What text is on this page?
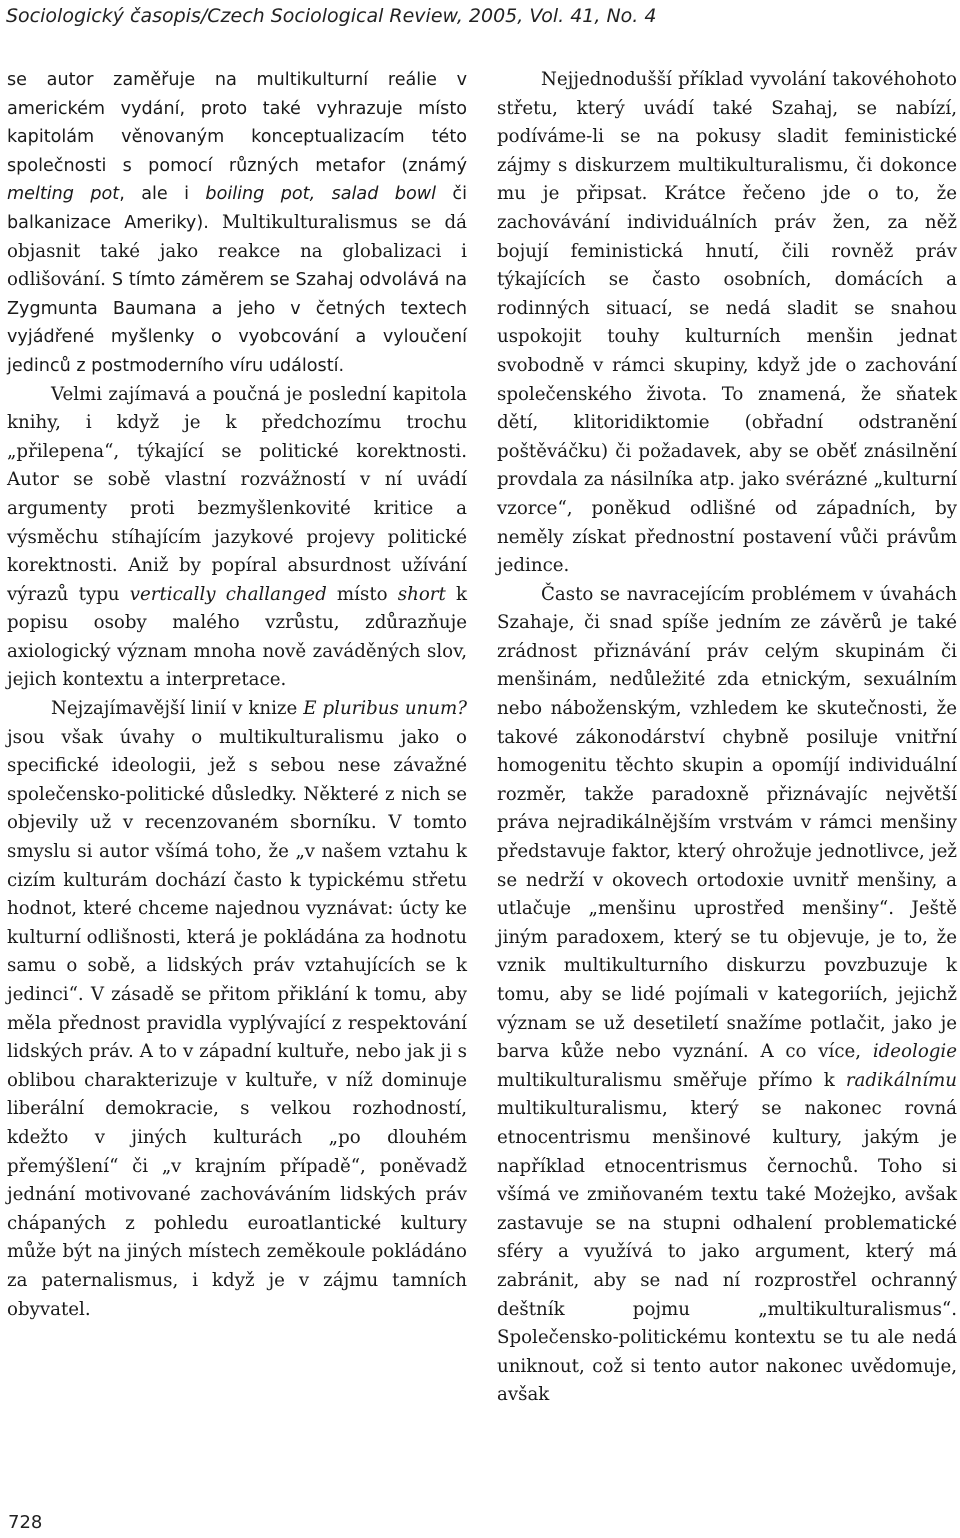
Sociologický časopis/Czech Sociological Review, 2005, Vol. 41, No. 4

se autor zaměřuje na multikulturní reálie v americkém vydání, proto také vyhrazuje místo kapitolám věnovaným konceptualizacím této společnosti s pomocí různých metafor (známý melting pot, ale i boiling pot, salad bowl či balkanizace Ameriky). Multikulturalismus se dá objasnit také jako reakce na globalizaci i odlišování. S tímto záměrem se Szahaj odvolává na Zygmunta Baumana a jeho v četných textech vyjádřené myšlenky o vyobcování a vyloučení jedinců z postmoderního víru událostí.

Velmi zajímavá a poučná je poslední kapitola knihy, i když je k předchozímu trochu „přilepena“, týkající se politické korektnosti. Autor se sobě vlastní rozvážností v ní uvádí argumenty proti bezmyšlenkovité kritice a výsměchu stíhajícím jazykové projevy politické korektnosti. Aniž by popíral absurdnost užívání výrazů typu vertically challanged místo short k popisu osoby malého vzrůstu, zdůrazňuje axiologický význam mnoha nově zaváděných slov, jejich kontextu a interpretace.

Nejzajímavější linií v knize E pluribus unum? jsou však úvahy o multikulturalismu jako o specifické ideologii, jež s sebou nese závažné společensko-politické důsledky. Některé z nich se objevily už v recenzovaném sborníku. V tomto smyslu si autor všímá toho, že „v našem vztahu k cizím kulturám dochází často k typickému střetu hodnot, které chceme najednou vyznávat: úcty ke kulturní odlišnosti, která je pokládána za hodnotu samu o sobě, a lidských práv vztahujících se k jedinci“. V zásadě se přitom přiklání k tomu, aby měla přednost pravidla vyplývající z respektování lidských práv. A to v západní kultuře, nebo jak ji s oblibou charakterizuje v kultuře, v níž dominuje liberální demokracie, s velkou rozhodností, kdežto v jiných kulturách „po dlouhém přemýšlení“ či „v krajním případě“, poněvadž jednání motivované zachováváním lidských práv chápaných z pohledu euroatlantické kultury může být na jiných místech zeměkoule pokládáno za paternalismus, i když je v zájmu tamních obyvatel.

Nejjednodušší příklad vyvolání takovéhohoto střetu, který uvádí také Szahaj, se nabízí, podíváme-li se na pokusy sladit feministické zájmy s diskurzem multikulturalismu, či dokonce mu je připsat. Krátce řečeno jde o to, že zachovávání individuálních práv žen, za něž bojují feministická hnutí, čili rovněž práv týkajících se často osobních, domácích a rodinných situací, se nedá sladit se snahou uspokojit touhy kulturních menšin jednat svobodně v rámci skupiny, když jde o zachování společenského života. To znamená, že sňatek dětí, klitoridiktomie (obřadní odstranění poštěváčku) či požadavek, aby se oběť znásilnění provdala za násilníka atp. jako svérázné „kulturní vzorce“, poněkud odlišné od západních, by neměly získat přednostní postavení vůči právům jedince.

Často se navracejícím problémem v úvahách Szahaje, či snad spíše jedním ze závěrů je také zrádnost přiznávání práv celým skupinám či menšinám, nedůležité zda etnickým, sexuálním nebo náboženským, vzhledem ke skutečnosti, že takové zákonodárství chybně posiluje vnitřní homogenitu těchto skupin a opomíjí individuální rozměr, takže paradoxně přiznávajíc největší práva nejradikálnějším vrstvám v rámci menšiny představuje faktor, který ohrožuje jednotlivce, jež se nedrží v okovech ortodoxie uvnitř menšiny, a utlačuje „menšinu uprostřed menšiny“. Ještě jiným paradoxem, který se tu objevuje, je to, že vznik multikulturního diskurzu povzbuzuje k tomu, aby se lidé pojímali v kategoriích, jejichž význam se už desetiletí snažíme potlačit, jako je barva kůže nebo vyznání. A co více, ideologie multikulturalismu směřuje přímo k radikálnímu multikulturalismu, který se nakonec rovná etnocentrismu menšinové kultury, jakým je například etnocentrismus černochů. Toho si všímá ve zmiňovaném textu také Możejko, avšak zastavuje se na stupni odhalení problematické sféry a využívá to jako argument, který má zabránit, aby se nad ní rozprostřel ochranný deštník pojmu „multikulturalismus“. Společensko-politickému kontextu se tu ale nedá uniknout, což si tento autor nakonec uvědomuje, avšak

728
